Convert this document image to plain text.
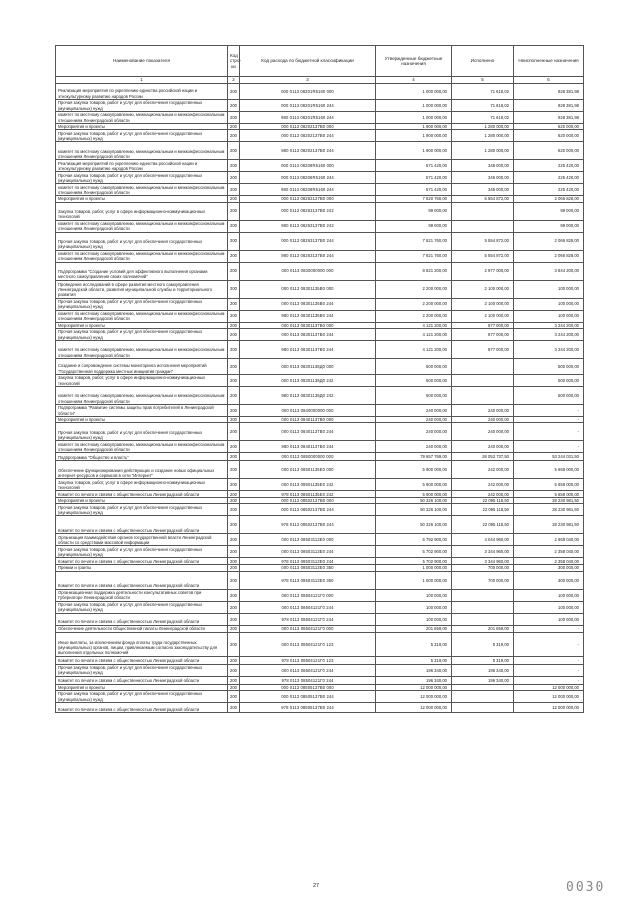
Наименование показателя	Код стро-ки	Код расхода по бюджетной классификации	Утвержденные бюджетные назначения	Исполнено	Неисполненные назначения
1	2	3	4	5	6
Реализация мероприятия по укреплению единства российской нации и этнокультурному развитию народов России	200	000 0113 08201R5160 000	1 000 000,00	71 618,02	928 381,98
Прочая закупка товаров, работ и услуг для обеспечения государственных (муниципальных) нужд	200	000 0113 08201R5160 244	1 000 000,00	71 618,02	928 381,98
комитет по местному самоуправлению, межнациональным и межконфессиональным отношениям Ленинградской области	200	980 0113 08201R5160 244	1 000 000,00	71 618,02	928 381,98
Мероприятия и проекты	200	000 0113 08202137В0 000	1 900 000,00	1 280 000,00	620 000,00
Прочая закупка товаров, работ и услуг для обеспечения государственных (муниципальных) нужд	200	000 0113 08202137В0 244	1 900 000,00	1 280 000,00	620 000,00
комитет по местному самоуправлению, межнациональным и межконфессиональным отношениям Ленинградской области	200	980 0113 08202137В0 244	1 900 000,00	1 280 000,00	620 000,00
Реализация мероприятий по укреплению единства российской нации и этнокультурному развитию народов России	200	000 0113 08206R5160 000	571 420,00	348 000,00	225 420,00
Прочая закупка товаров, работ и услуг для обеспечения государственных (муниципальных) нужд	200	000 0113 08206R5160 244	571 420,00	346 000,00	225 420,00
комитет по местному самоуправлению, межнациональным и межконфессиональным отношениям Ленинградской области	200	980 0113 08206R5160 244	571 420,00	346 000,00	225 420,00
Мероприятия и проекты	200	000 0113 08263137В0 000	7 620 760,00	5 554 872,00	2 065 828,00
Закупка товаров, работ, услуг в сфере информационно-коммуникационных технологий	200	000 0113 08263137В0 242	99 000,00		99 000,00
комитет по местному самоуправлению, межнациональным и межконфессиональным отношениям Ленинградской области	200	980 0113 08263137В0 242	99 000,00		99 000,00
Прочая закупка товаров, работ и услуг для обеспечения государственных (муниципальных) нужд	200	000 0113 08263137В0 244	7 621 760,00	5 554 872,00	2 066 828,00
комитет по местному самоуправлению, межнациональным и межконфессиональным отношениям Ленинградской области	200	980 0113 08263137В0 244	7 621 760,00	5 554 872,00	2 066 828,00
Подпрограмма "Создание условий для эффективного выполнения органами местного самоуправления своих полномочий"	200	000 0113 0830000000 000	8 821 200,00	2 977 000,00	3 844 200,00
Проведение исследований в сфере развития местного самоуправления Ленинградской области, развития муниципальной службы и территориального развития	200	000 0113 08301135В0 000	2 200 000,00	2 100 000,00	100 000,00
Прочая закупка товаров, работ и услуг для обеспечения государственных (муниципальных) нужд	200	000 0113 08301135В0 244	2 200 000,00	2 100 000,00	100 000,00
комитет по местному самоуправлению, межнациональным и межконфессиональным отношениям Ленинградской области	200	980 0113 08301135В0 244	2 200 000,00	2 100 000,00	100 000,00
Мероприятия и проекты	200	000 0113 08301137В0 000	4 121 200,00	877 000,00	3 244 200,00
Прочая закупка товаров, работ и услуг для обеспечения государственных (муниципальных) нужд	200	000 0113 08301137В0 244	4 121 200,00	877 000,00	3 244 200,00
комитет по местному самоуправлению, межнациональным и межконфессиональным отношениям Ленинградской области	200	980 0113 08301137В0 244	4 121 200,00	877 000,00	3 244 200,00
Создание и сопровождение системы мониторинга исполнения мероприятий "Государственная поддержка местных инициатив граждан"	200	000 0113 08301138Д0 000	500 000,00		500 000,00
Закупка товаров, работ, услуг в сфере информационно-коммуникационных технологий	200	000 0113 08301138Д0 242	500 000,00		500 000,00
комитет по местному самоуправлению, межнациональным и межконфессиональным отношениям Ленинградской области	200	980 0113 08301138Д0 242	500 000,00		500 000,00
Подпрограмма "Развитие системы защиты прав потребителей в Ленинградской области"	200	000 0113 0840000000 000	240 000,00	240 000,00	-
Мероприятия и проекты	200	000 0113 08401137В0 000	240 000,00	240 000,00	-
Прочая закупка товаров, работ и услуг для обеспечения государственных (муниципальных) нужд	200	000 0113 08401137В0 244	240 000,00	240 000,00	-
комитет по местному самоуправлению, межнациональным и межконфессиональным отношениям Ленинградской области	200	980 0113 08401137В0 244	240 000,00	240 000,00	-
Подпрограмма "Общество и власть"	200	000 0113 0850000000 000	79 657 769,00	26 053 737,50	53 244 031,50
Обеспечение функционирования действующих и создание новых официальных интернет-ресурсов и сервисов в сети "Интернет"	200	000 0113 08501135Е0 000	5 900 000,00	242 000,00	5 658 000,00
Закупка товаров, работ, услуг в сфере информационно-коммуникационных технологий	200	000 0113 08501135Е0 242	5 900 000,00	242 000,00	5 658 000,00
Комитет по печати и связям с общественностью Ленинградской области	200	978 0113 08501135Е0 242	5 900 000,00	242 000,00	5 658 000,00
Мероприятия и проекты	200	000 0113 08502137В0 000	50 326 100,00	22 095 118,50	28 230 981,50
Прочая закупка товаров, работ и услуг для обеспечения государственных (муниципальных) нужд	200	000 0113 08502137В0 244	50 326 100,00	22 095 118,50	28 230 981,50
Комитет по печати и связям с общественностью Ленинградской области	200	978 0113 08502137В0 244	50 326 100,00	22 095 118,50	28 230 981,50
Организация взаимодействия органов государственной власти Ленинградской области со средствами массовой информации	200	000 0113 08503113Е0 000	6 792 900,00	4 044 960,00	2 668 040,00
Прочая закупка товаров, работ и услуг для обеспечения государственных (муниципальных) нужд	200	000 0113 08503113Е0 244	5 702 900,00	3 344 960,00	2 358 040,00
Комитет по печати и связям с общественностью Ленинградской области	200	978 0113 08503113Е0 244	5 702 900,00	3 344 960,00	2 358 040,00
Премии и гранты	200	000 0113 08503113Е0 350	1 000 000,00	700 000,00	300 000,00
Комитет по печати и связям с общественностью Ленинградской области	200	978 0113 08503113Е0 350	1 000 000,00	700 000,00	300 000,00
Организационная поддержка деятельности консультативных советов при Губернаторе Ленинградской области	200	000 0113 08504121Г0 000	100 000,00		100 000,00
Прочая закупка товаров, работ и услуг для обеспечения государственных (муниципальных) нужд	200	000 0113 08504121Г0 244	100 000,00		100 000,00
Комитет по печати и связям с общественностью Ленинградской области	200	978 0113 08504121Г0 244	100 000,00		100 000,00
Обеспечение деятельности Общественной палаты Ленинградской области	200	000 0113 08504121Г0 000	201 659,00	201 659,00	-
Иные выплаты, за исключением фонда оплаты труда государственных (муниципальных) органов, лицам, привлекаемым согласно законодательству для выполнения отдельных полномочий	200	000 0113 08504121Г0 123	5 319,00	5 319,00	-
Комитет по печати и связям с общественностью Ленинградской области	200	978 0113 08504121Г0 123	5 319,00	5 319,00	-
Прочая закупка товаров, работ и услуг для обеспечения государственных (муниципальных) нужд	200	000 0113 08504121Г0 244	196 340,00	196 340,00	-
Комитет по печати и связям с общественностью Ленинградской области	200	978 0113 08504121Г0 244	196 340,00	196 340,00	-
Мероприятия и проекты	200	000 0113 08505137В0 000	12 000 000,00		12 000 000,00
Прочая закупка товаров, работ и услуг для обеспечения государственных (муниципальных) нужд	200	000 0113 08505137В0 244	12 000 000,00		12 000 000,00
Комитет по печати и связям с общественностью Ленинградской области	200	978 0113 08505137В0 244	12 000 000,00		12 000 000,00
27	0030
